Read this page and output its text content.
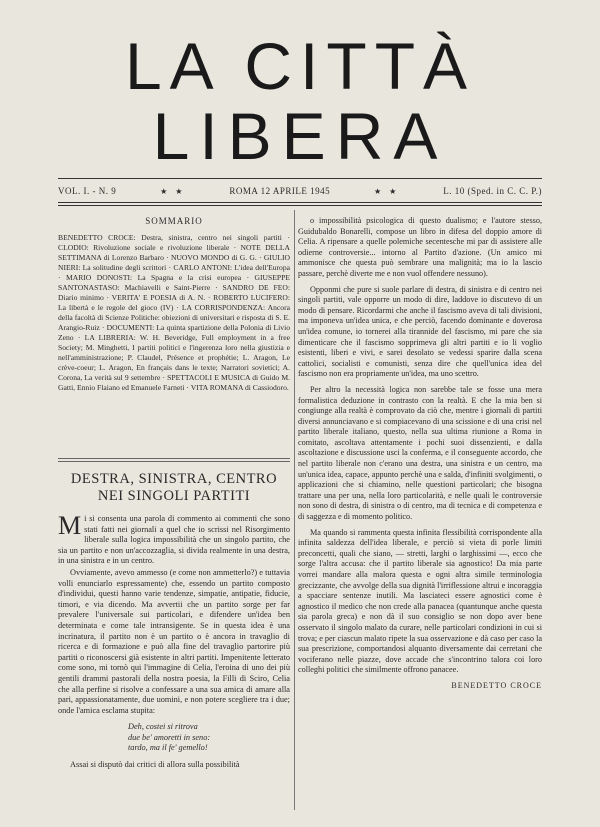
LA CITTÀ
LIBERA
VOL. I. - N. 9	★ ★	ROMA 12 APRILE 1945	★ ★	L. 10 (Sped. in C. C. P.)
SOMMARIO
BENEDETTO CROCE: Destra, sinistra, centro nei singoli partiti · CLODIO: Rivoluzione sociale e rivoluzione liberale · NOTE DELLA SETTIMANA di Lorenzo Barbaro · NUOVO MONDO di G. G. · GIULIO NIERI: La solitudine degli scrittori · CARLO ANTONI: L'idea dell'Europa · MARIO DONOSTI: La Spagna e la crisi europea · GIUSEPPE SANTONASTASO: Machiavelli e Saint-Pierre · SANDRO DE FEO: Diario minimo · VERITA' E POESIA di A. N. · ROBERTO LUCIFERO: La libertà e le regole del gioco (IV) · LA CORRISPONDENZA: Ancora della facoltà di Scienze Politiche: obiezioni di universitari e risposta di S. E. Arangio-Ruiz · DOCUMENTI: La quinta spartizione della Polonia di Livio Zeno · LA LIBRERIA: W. H. Beveridge, Full employment in a free Society; M. Minghetti, I partiti politici e l'ingerenza loro nella giustizia e nell'amministrazione; P. Claudel, Présence et prophétie; L. Aragon, Le crève-coeur; L. Aragon, En français dans le texte; Narratori sovietici; A. Corona, La verità sul 9 settembre · SPETTACOLI E MUSICA di Guido M. Gatti, Ennio Flaiano ed Emanuele Farneti · VITA ROMANA di Cassiodoro.
DESTRA, SINISTRA, CENTRO NEI SINGOLI PARTITI

M i si consenta una parola di commento ai commenti che sono stati fatti nei giornali a quel che io scrissi nel Risorgimento liberale sulla logica impossibilità che un singolo partito, che sia un partito e non un'accozzaglia, si divida realmente in una destra, in una sinistra e in un centro.

Ovviamente, avevo ammesso (e come non ammetterlo?) e tuttavia volli enunciarlo espressamente) che, essendo un partito composto d'individui, questi hanno varie tendenze, simpatie, antipatie, fiducie, timori, e via dicendo. Ma avvertii che un partito sorge per far prevalere l'universale sui particolari, e difendere un'idea ben determinata e come tale intransigente. Se in questa idea è una incrinatura, il partito non è un partito o è ancora in travaglio di ricerca e di formazione e può alla fine del travaglio partorire più partiti o riconoscersi già esistente in altri partiti. Impenitente letterato come sono, mi tornò qui l'immagine di Celia, l'eroina di uno dei più gentili drammi pastorali della nostra poesia, la Filli di Sciro, Celia che alla perfine si risolve a confessare a una sua amica di amare alla pari, appassionatamente, due uomini, e non potere scegliere tra i due; onde l'amica esclama stupita:

Deh, costei si ritrova
due be' amoretti in seno:
tardo, ma il fe' gemello!

Assai si disputò dai critici di allora sulla possibilità

o impossibilità psicologica di questo dualismo; e l'autore stesso, Guidubaldo Bonarelli, compose un libro in difesa del doppio amore di Celia. A ripensare a quelle polemiche secentesche mi par di assistere alle odierne controversie... intorno al Partito d'azione. (Un amico mi ammonisce che questa può sembrare una malignità; ma io la lascio passare, perchè diverte me e non vuol offendere nessuno).

Opponmi che pure si suole parlare di destra, di sinistra e di centro nei singoli partiti, vale opporre un modo di dire, laddove io discutevo di un modo di pensare. Ricordarmi che anche il fascismo aveva di tali divisioni, ma imponeva un'idea unica, e che perciò, facendo dominante e doverosa un'idea comune, io tornerei alla tirannide del fascismo, mi pare che sia dimenticare che il fascismo sopprimeva gli altri partiti e io li voglio esistenti, liberi e vivi, e sarei desolato se vedessi sparire dalla scena cattolici, socialisti e comunisti, senza dire che quell'unica idea del fascismo non era propriamente un'idea, ma uno scettro.

Per altro la necessità logica non sarebbe tale se fosse una mera formalistica deduzione in contrasto con la realtà. E che la mia ben si congiunge alla realtà è comprovato da ciò che, mentre i giornali di partiti diversi annunciavano e si compiacevano di una scissione e di una crisi nel partito liberale italiano, questo, nella sua ultima riunione a Roma in comitato, ascoltava attentamente i pochi suoi dissenzienti, e dalla ascoltazione e discussione usci la conferma, e il conseguente accordo, che nel partito liberale non c'erano una destra, una sinistra e un centro, ma un'unica idea, capace, appunto perchè una e salda, d'infiniti svolgimenti, o applicazioni che si chiamino, nelle questioni particolari; che bisogna trattare una per una, nella loro particolarità, e nelle quali le controversie non sono di destra, di sinistra o di centro, ma di tecnica e di competenza e di saggezza e di momento politico.

Ma quando si rammenta questa infinita flessibilità corrispondente alla infinita saldezza dell'idea liberale, e perciò si vieta di porle limiti preconcetti, quali che siano, — stretti, larghi o larghissimi —, ecco che sorge l'altra accusa: che il partito liberale sia agnostico! Da mia parte vorrei mandare alla malora questa e ogni altra simile terminologia grecizzante, che avvolge della sua dignità l'irriflessione altrui e incoraggia a spacciare sentenze inutili. Ma lasciateci essere agnostici come è agnostico il medico che non crede alla panacea (quantunque anche questa sia parola greca) e non dà il suo consiglio se non dopo aver bene osservato il singolo malato da curare, nelle particolari condizioni in cui si trova; e per ciascun malato ripete la sua osservazione e dà caso per caso la sua prescrizione, comportandosi alquanto diversamente dai cerretani che vociferano nelle piazze, dove accade che s'incontrino talora coi loro colleghi politici che similmente offrono panacee.

BENEDETTO CROCE
